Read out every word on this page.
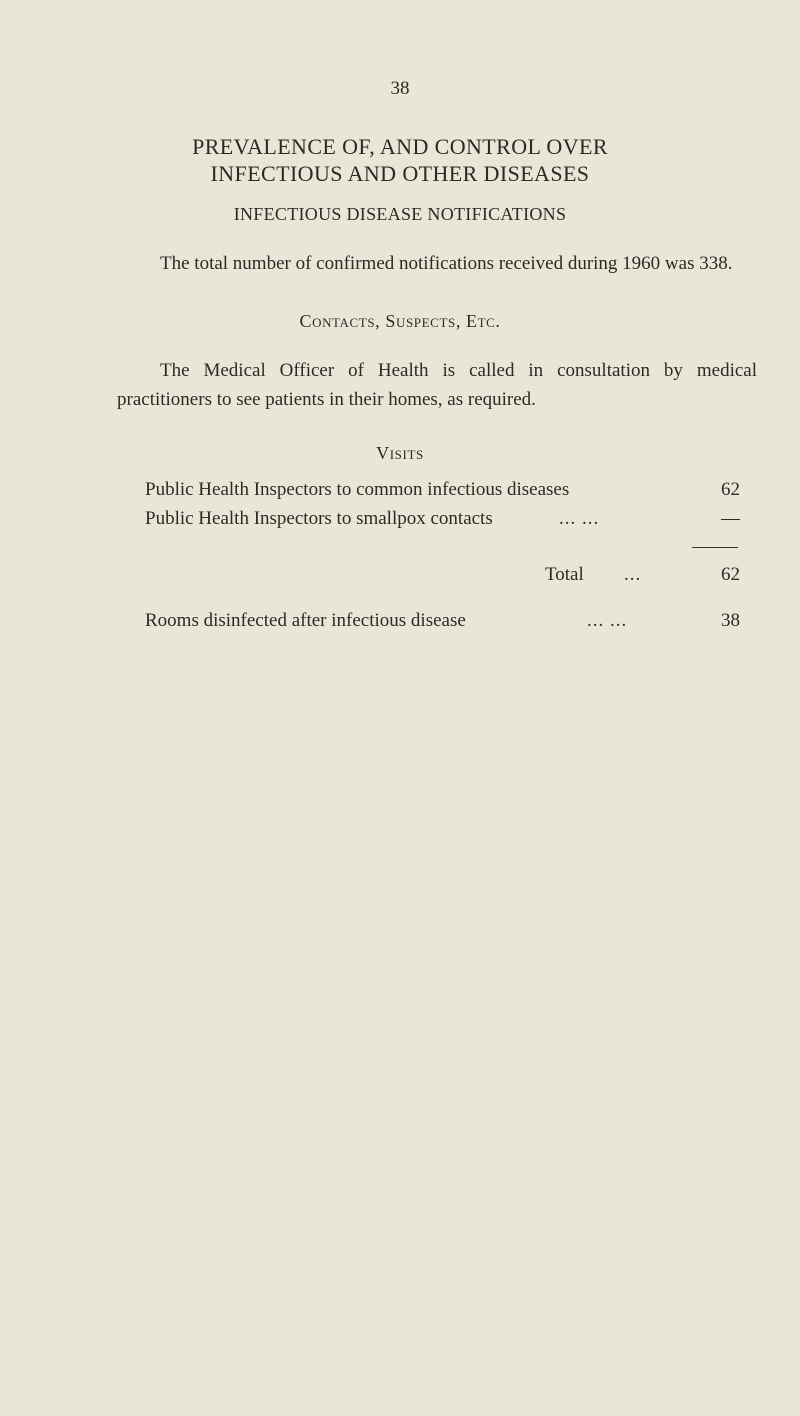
38
PREVALENCE OF, AND CONTROL OVER
INFECTIOUS AND OTHER DISEASES
INFECTIOUS DISEASE NOTIFICATIONS
The total number of confirmed notifications received during 1960 was 338.
Contacts, Suspects, Etc.
The Medical Officer of Health is called in consultation by medical practitioners to see patients in their homes, as required.
Visits
Public Health Inspectors to common infectious diseases	62
Public Health Inspectors to smallpox contacts	... ...	—
Total ...	62
Rooms disinfected after infectious disease	... ...	38
